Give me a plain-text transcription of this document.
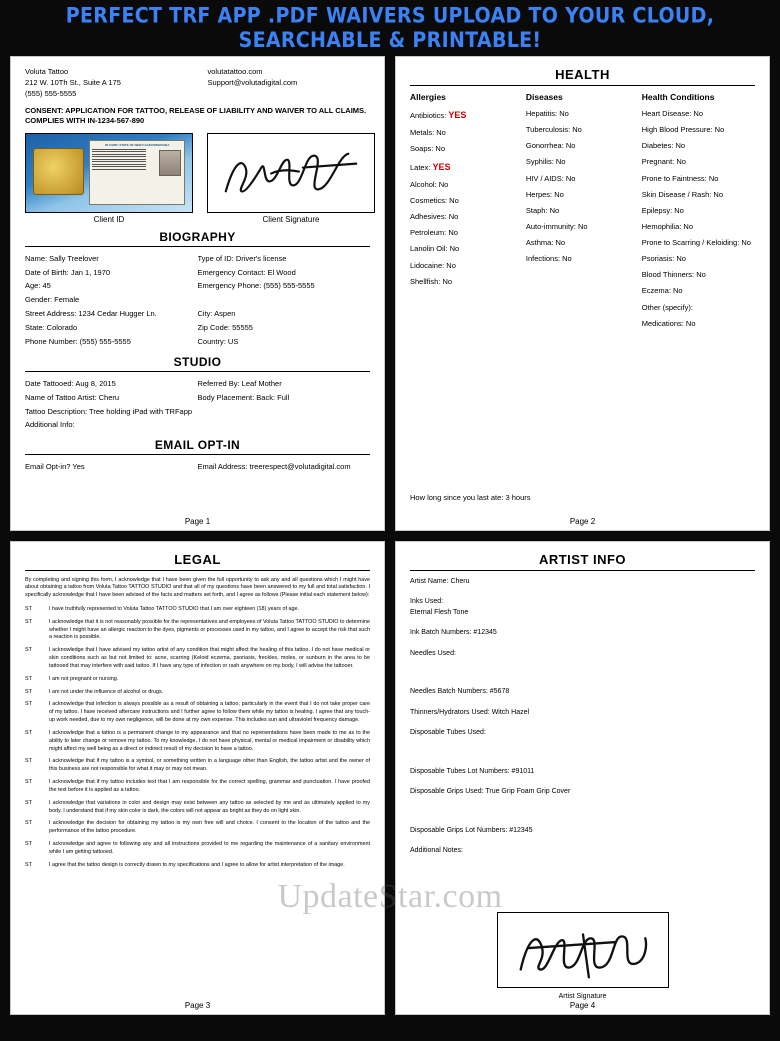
PERFECT TRF APP .PDF WAIVERS UPLOAD TO YOUR CLOUD, SEARCHABLE & PRINTABLE!
Voluta Tattoo
212 W. 10Th St., Suite A 175
(555) 555-5555
volutatattoo.com
Support@volutadigital.com
CONSENT: APPLICATION FOR TATTOO, RELEASE OF LIABILITY AND WAIVER TO ALL CLAIMS. COMPLIES WITH IN-1234-567-890
ID CARD: STATE OF NEW CALIFORNIOVADA
Client ID	Client Signature
BIOGRAPHY
Name: Sally Treelover	Type of ID: Driver's license
Date of Birth: Jan 1, 1970	Emergency Contact: El Wood
Age: 45	Emergency Phone: (555) 555-5555
Gender: Female
Street Address: 1234 Cedar Hugger Ln.	City: Aspen
State: Colorado	Zip Code: 55555
Phone Number: (555) 555-5555	Country: US
STUDIO
Date Tattooed: Aug 8, 2015	Referred By: Leaf Mother
Name of Tattoo Artist: Cheru	Body Placement: Back: Full
Tattoo Description: Tree holding iPad with TRFapp
Additional Info:
EMAIL OPT-IN
Email Opt-in? Yes	Email Address: treerespect@volutadigital.com
Page 1
HEALTH
Allergies
Antibiotics: YES
Metals: No
Soaps: No
Latex: YES
Alcohol: No
Cosmetics: No
Adhesives: No
Petroleum: No
Lanolin Oil: No
Lidocaine: No
Shellfish: No
Diseases
Hepatitis: No
Tuberculosis: No
Gonorrhea: No
Syphilis: No
HIV / AIDS: No
Herpes: No
Staph: No
Auto-immunity: No
Asthma: No
Infections: No
Health Conditions
Heart Disease: No
High Blood Pressure: No
Diabetes: No
Pregnant: No
Prone to Faintness: No
Skin Disease / Rash: No
Epilepsy: No
Hemophilia: No
Prone to Scarring / Keloiding: No
Psoriasis: No
Blood Thinners: No
Eczema: No
Other (specify):
Medications: No
How long since you last ate: 3 hours
Page 2
LEGAL
By completing and signing this form, I acknowledge that I have been given the full opportunity to ask any and all questions which I might have about obtaining a tattoo from Voluta Tattoo TATTOO STUDIO and that all of my questions have been answered to my full and total satisfaction. I specifically acknowledge that I have been advised of the facts and matters set forth, and I agree as follows (Please initial each statement below):
ST	I have truthfully represented to Voluta Tattoo TATTOO STUDIO that I am over eighteen (18) years of age.
ST	I acknowledge that it is not reasonably possible for the representatives and employees of Voluta Tattoo TATTOO STUDIO to determine whether I might have an allergic reaction to the dyes, pigments or processes used in my tattoo, and I agree to accept the risk that such a reaction is possible.
ST	I acknowledge that I have advised my tattoo artist of any condition that might affect the healing of this tattoo. I do not have medical or skin conditions such as but not limited to: acne, scarring (Keloid eczema, psoriasis, freckles, moles, or sunburn in the area to be tattooed that may interfere with said tattoo. If I have any type of infection or rash anywhere on my body, I will advise the tattooer.
ST	I am not pregnant or nursing.
ST	I am not under the influence of alcohol or drugs.
ST	I acknowledge that infection is always possible as a result of obtaining a tattoo, particularly in the event that I do not take proper care of my tattoo. I have received aftercare instructions and I further agree to follow them while my tattoo is healing. I agree that any touch-up work needed, due to my own negligence, will be done at my own expense. This includes sun and ultraviolet frequency damage.
ST	I acknowledge that a tattoo is a permanent change to my appearance and that no representations have been made to me as to the ability to later change or remove my tattoo. To my knowledge, I do not have physical, mental or medical impairment or disability which might affect my well being as a direct or indirect result of my decision to have a tattoo.
ST	I acknowledge that if my tattoo is a symbol, or something written in a language other than English, the tattoo artist and the owner of this business are not responsible for what it may or may not mean.
ST	I acknowledge that if my tattoo includes text that I am responsible for the correct spelling, grammar and punctuation. I have proofed the text before it is applied as a tattoo.
ST	I acknowledge that variations in color and design may exist between any tattoo as selected by me and as ultimately applied to my body. I understand that if my skin color is dark, the colors will not appear as bright as they do on light skin.
ST	I acknowledge the decision for obtaining my tattoo is my own free will and choice. I consent to the location of the tattoo and the performance of the tattoo procedure.
ST	I acknowledge and agree to following any and all instructions provided to me regarding the maintenance of a sanitary environment while I am getting tattooed.
ST	I agree that the tattoo design is correctly drawn to my specifications and I agree to allow for artist interpretation of the image.
Page 3
ARTIST INFO
Artist Name: Cheru
Inks Used:
Eternal Flesh Tone
Ink Batch Numbers: #12345
Needles Used:
Needles Batch Numbers: #5678
Thinners/Hydrators Used: Witch Hazel
Disposable Tubes Used:
Disposable Tubes Lot Numbers: #91011
Disposable Grips Used: True Grip Foam Grip Cover
Disposable Grips Lot Numbers: #12345
Additional Notes:
Artist Signature
Page 4
UpdateStar.com
